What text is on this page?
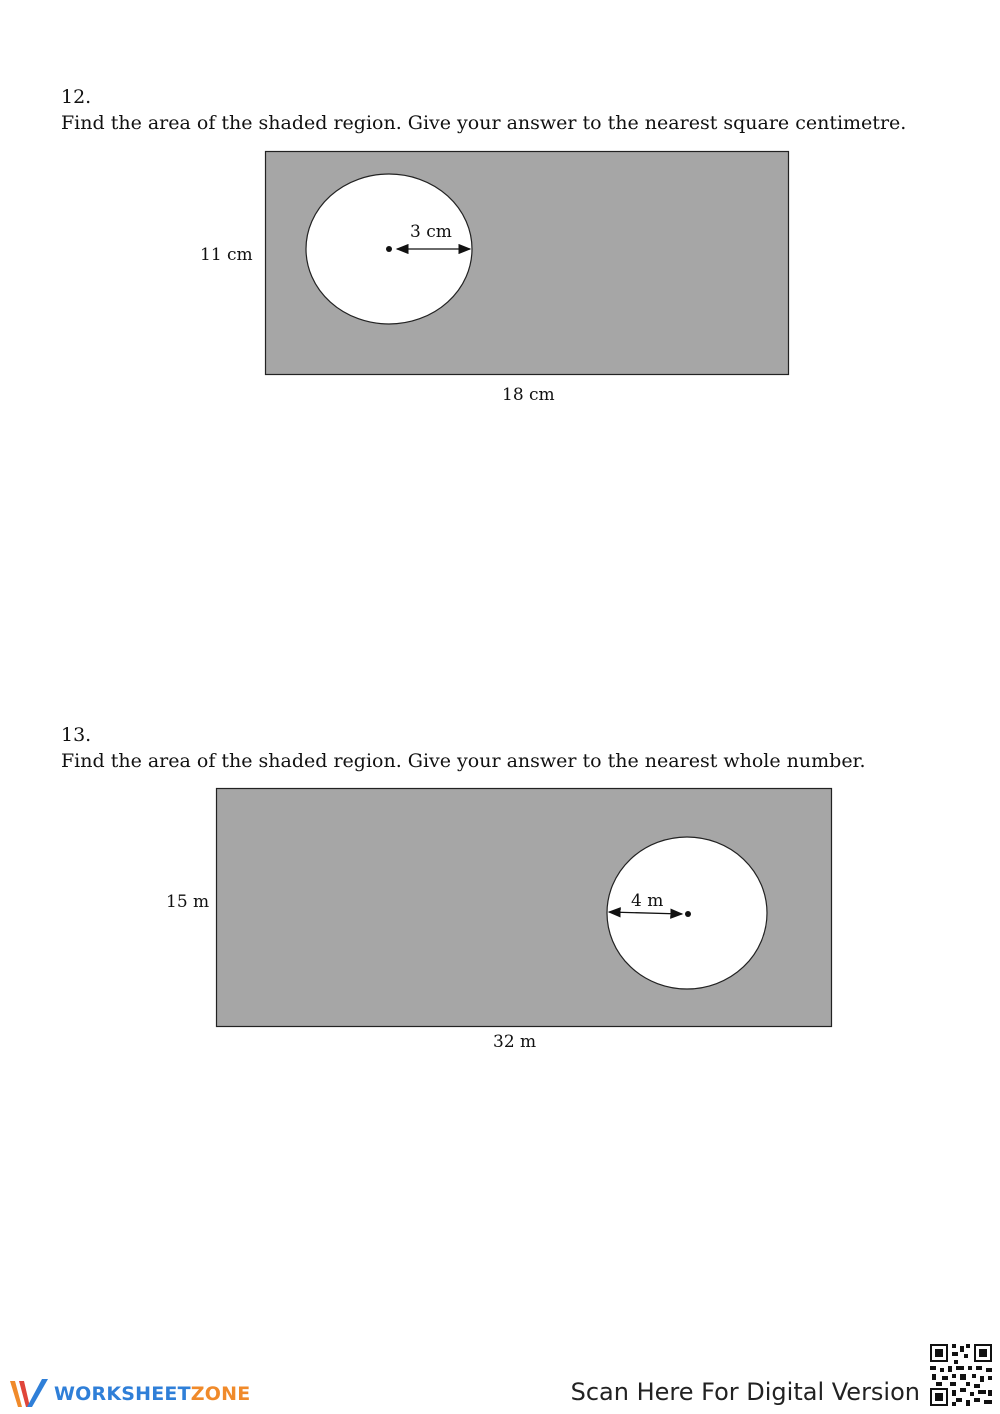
12.
Find the area of the shaded region. Give your answer to the nearest square centimetre.
3 cm
11 cm
18 cm
13.
Find the area of the shaded region. Give your answer to the nearest whole number.
4 m
15 m
32 m
WORKSHEETZONE	Scan Here For Digital Version
